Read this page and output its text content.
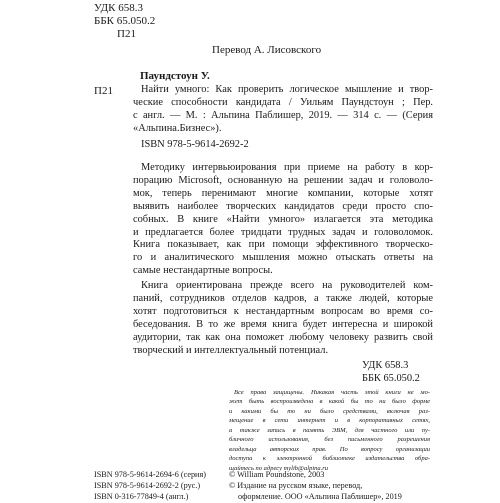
УДК 658.3
ББК 65.050.2
П21
Перевод А. Лисовского
Паундстоун У.
П21	Найти умного: Как проверить логическое мышление и твор-
ческие способности кандидата / Уильям Паундстоун ; Пер.
с англ. — М. : Альпина Паблишер, 2019. — 314 с. — (Серия
«Альпина.Бизнес»).
ISBN 978-5-9614-2692-2
Методику интервьюирования при приеме на работу в кор-
порацию Microsoft, основанную на решении задач и головоло-
мок, теперь перенимают многие компании, которые хотят
выявить наиболее творческих кандидатов среди просто спо-
собных. В книге «Найти умного» излагается эта методика
и предлагается более тридцати трудных задач и головоломок.
Книга показывает, как при помощи эффективного творческо-
го и аналитического мышления можно отыскать ответы на
самые нестандартные вопросы.
Книга ориентирована прежде всего на руководителей ком-
паний, сотрудников отделов кадров, а также людей, которые
хотят подготовиться к нестандартным вопросам во время со-
беседования. В то же время книга будет интересна и широкой
аудитории, так как она поможет любому человеку развить свой
творческий и интеллектуальный потенциал.
УДК 658.3
ББК 65.050.2
Все права защищены. Никакая часть этой книги не мо-
жет быть воспроизведена в какой бы то ни было форме
и какими бы то ни было средствами, включая раз-
мещение в сети интернет и в корпоративных сетях,
а также запись в память ЭВМ, для частного или пу-
бличного использования, без письменного разрешения
владельца авторских прав. По вопросу организации
доступа к электронной библиотеке издательства обра-
щайтесь по адресу mylib@alpina.ru
ISBN 978-5-9614-2694-6 (серия)
ISBN 978-5-9614-2692-2 (рус.)
ISBN 0-316-77849-4 (англ.)
© William Poundstone, 2003
© Издание на русском языке, перевод,
оформление. ООО «Альпина Паблишер», 2019
